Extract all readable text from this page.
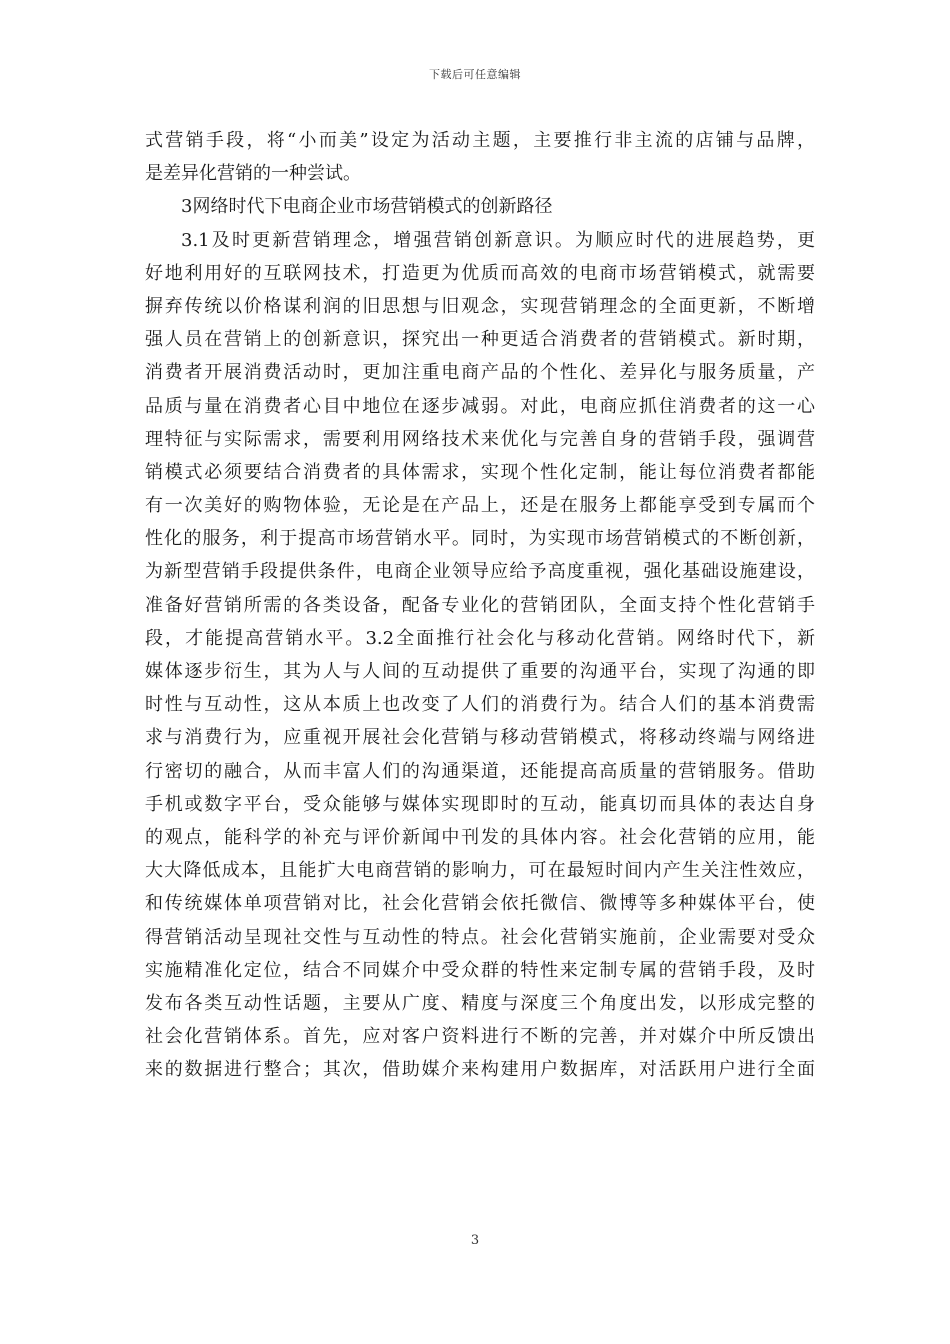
下载后可任意编辑
式营销手段，将“小而美”设定为活动主题，主要推行非主流的店铺与品牌，
是差异化营销的一种尝试。
3网络时代下电商企业市场营销模式的创新路径
3.1及时更新营销理念，增强营销创新意识。为顺应时代的进展趋势，更
好地利用好的互联网技术，打造更为优质而高效的电商市场营销模式，就需要
摒弃传统以价格谋利润的旧思想与旧观念，实现营销理念的全面更新，不断增
强人员在营销上的创新意识，探究出一种更适合消费者的营销模式。新时期，
消费者开展消费活动时，更加注重电商产品的个性化、差异化与服务质量，产
品质与量在消费者心目中地位在逐步减弱。对此，电商应抓住消费者的这一心
理特征与实际需求，需要利用网络技术来优化与完善自身的营销手段，强调营
销模式必须要结合消费者的具体需求，实现个性化定制，能让每位消费者都能
有一次美好的购物体验，无论是在产品上，还是在服务上都能享受到专属而个
性化的服务，利于提高市场营销水平。同时，为实现市场营销模式的不断创新，
为新型营销手段提供条件，电商企业领导应给予高度重视，强化基础设施建设，
准备好营销所需的各类设备，配备专业化的营销团队，全面支持个性化营销手
段，才能提高营销水平。3.2全面推行社会化与移动化营销。网络时代下，新
媒体逐步衍生，其为人与人间的互动提供了重要的沟通平台，实现了沟通的即
时性与互动性，这从本质上也改变了人们的消费行为。结合人们的基本消费需
求与消费行为，应重视开展社会化营销与移动营销模式，将移动终端与网络进
行密切的融合，从而丰富人们的沟通渠道，还能提高高质量的营销服务。借助
手机或数字平台，受众能够与媒体实现即时的互动，能真切而具体的表达自身
的观点，能科学的补充与评价新闻中刊发的具体内容。社会化营销的应用，能
大大降低成本，且能扩大电商营销的影响力，可在最短时间内产生关注性效应，
和传统媒体单项营销对比，社会化营销会依托微信、微博等多种媒体平台，使
得营销活动呈现社交性与互动性的特点。社会化营销实施前，企业需要对受众
实施精准化定位，结合不同媒介中受众群的特性来定制专属的营销手段，及时
发布各类互动性话题，主要从广度、精度与深度三个角度出发，以形成完整的
社会化营销体系。首先，应对客户资料进行不断的完善，并对媒介中所反馈出
来的数据进行整合；其次，借助媒介来构建用户数据库，对活跃用户进行全面
3
